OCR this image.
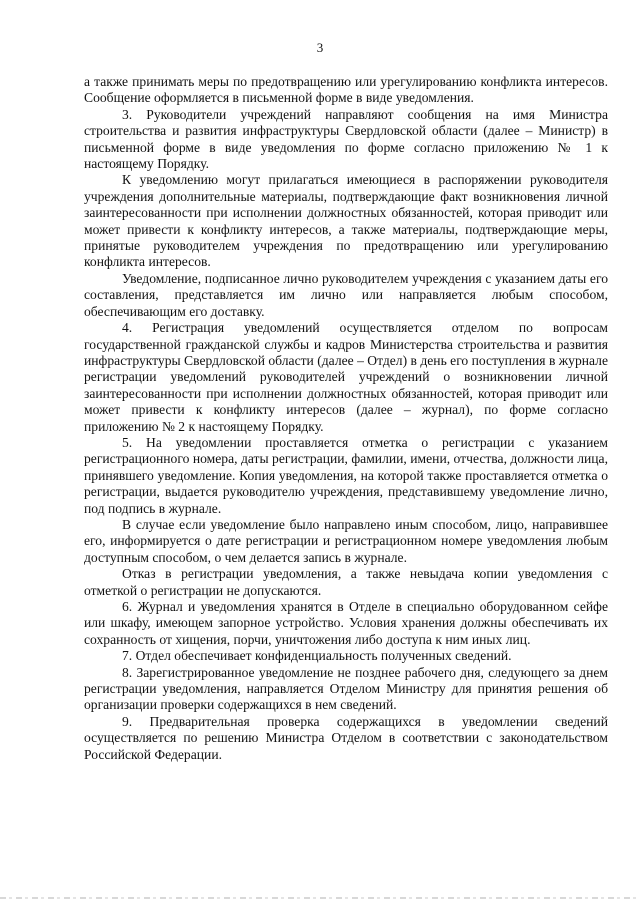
3

а также принимать меры по предотвращению или урегулированию конфликта интересов. Сообщение оформляется в письменной форме в виде уведомления.

3. Руководители учреждений направляют сообщения на имя Министра строительства и развития инфраструктуры Свердловской области (далее – Министр) в письменной форме в виде уведомления по форме согласно приложению № 1 к настоящему Порядку.

К уведомлению могут прилагаться имеющиеся в распоряжении руководителя учреждения дополнительные материалы, подтверждающие факт возникновения личной заинтересованности при исполнении должностных обязанностей, которая приводит или может привести к конфликту интересов, а также материалы, подтверждающие меры, принятые руководителем учреждения по предотвращению или урегулированию конфликта интересов.

Уведомление, подписанное лично руководителем учреждения с указанием даты его составления, представляется им лично или направляется любым способом, обеспечивающим его доставку.

4. Регистрация уведомлений осуществляется отделом по вопросам государственной гражданской службы и кадров Министерства строительства и развития инфраструктуры Свердловской области (далее – Отдел) в день его поступления в журнале регистрации уведомлений руководителей учреждений о возникновении личной заинтересованности при исполнении должностных обязанностей, которая приводит или может привести к конфликту интересов (далее – журнал), по форме согласно приложению № 2 к настоящему Порядку.

5. На уведомлении проставляется отметка о регистрации с указанием регистрационного номера, даты регистрации, фамилии, имени, отчества, должности лица, принявшего уведомление. Копия уведомления, на которой также проставляется отметка о регистрации, выдается руководителю учреждения, представившему уведомление лично, под подпись в журнале.

В случае если уведомление было направлено иным способом, лицо, направившее его, информируется о дате регистрации и регистрационном номере уведомления любым доступным способом, о чем делается запись в журнале.

Отказ в регистрации уведомления, а также невыдача копии уведомления с отметкой о регистрации не допускаются.

6. Журнал и уведомления хранятся в Отделе в специально оборудованном сейфе или шкафу, имеющем запорное устройство. Условия хранения должны обеспечивать их сохранность от хищения, порчи, уничтожения либо доступа к ним иных лиц.

7. Отдел обеспечивает конфиденциальность полученных сведений.

8. Зарегистрированное уведомление не позднее рабочего дня, следующего за днем регистрации уведомления, направляется Отделом Министру для принятия решения об организации проверки содержащихся в нем сведений.

9. Предварительная проверка содержащихся в уведомлении сведений осуществляется по решению Министра Отделом в соответствии с законодательством Российской Федерации.
